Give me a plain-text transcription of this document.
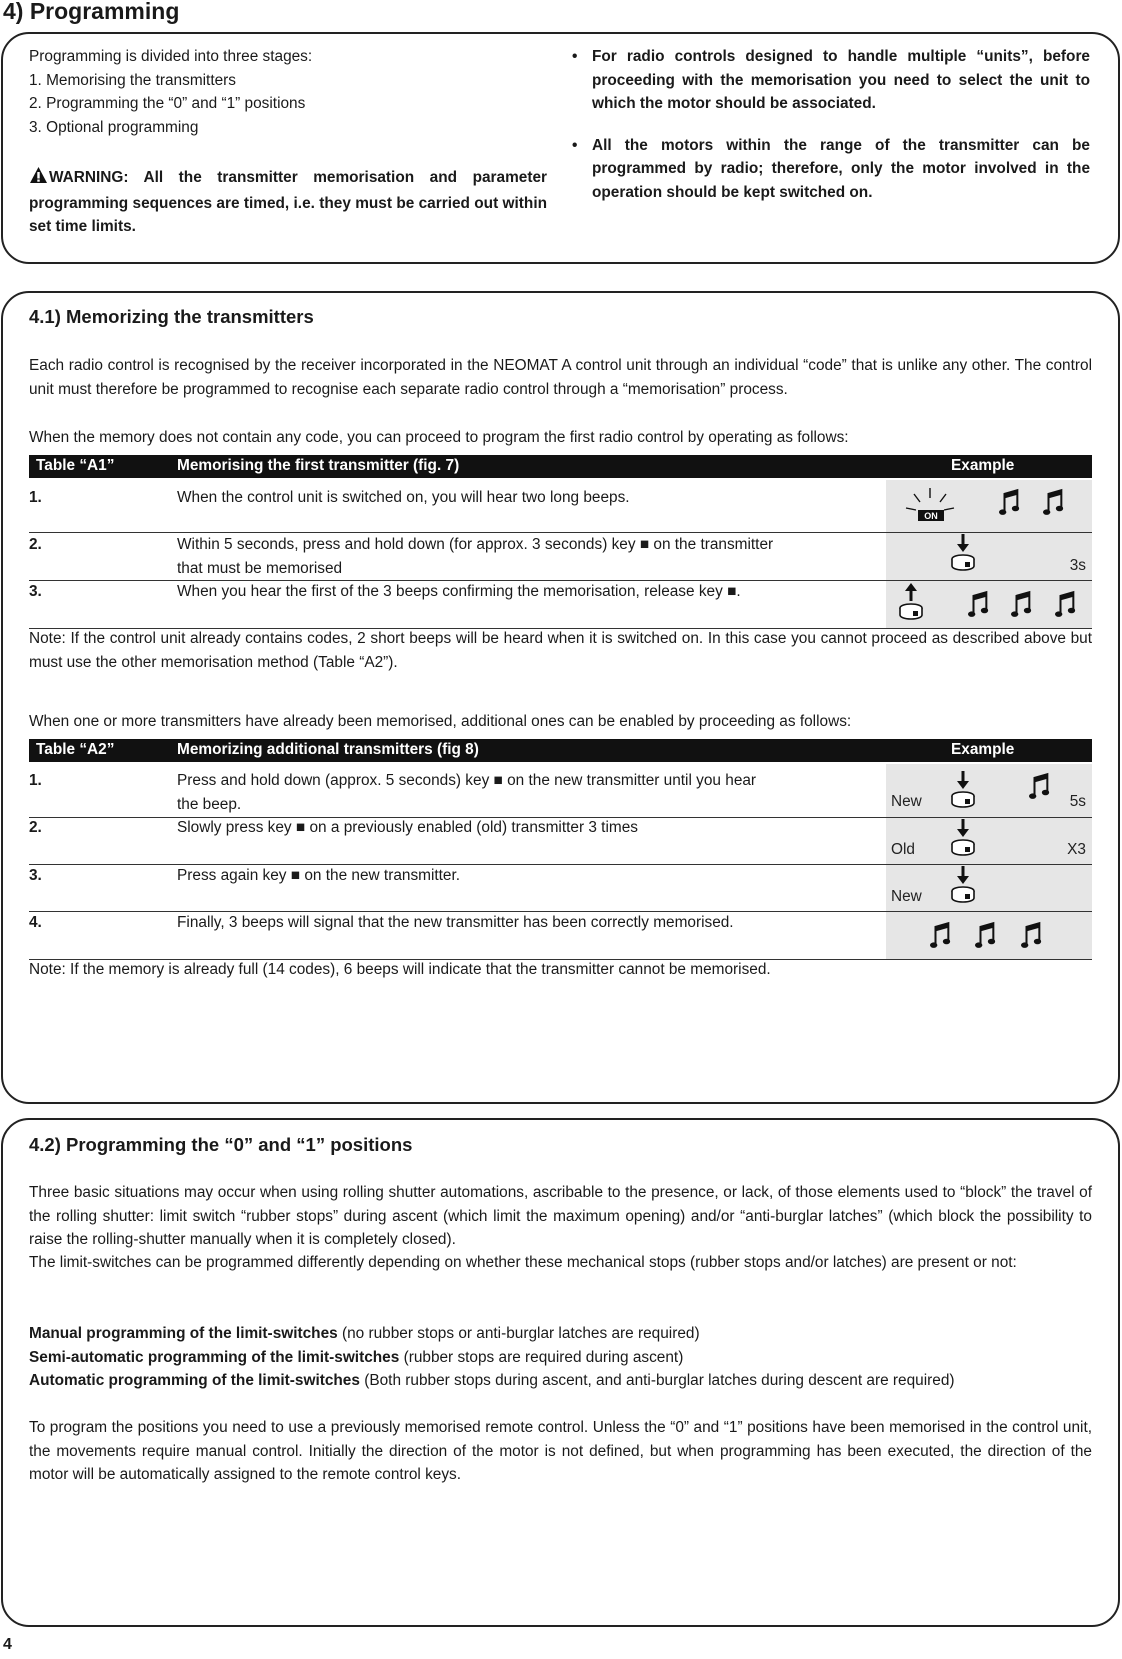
4) Programming
Programming is divided into three stages:
1. Memorising the transmitters
2. Programming the “0” and “1” positions
3. Optional programming
WARNING: All the transmitter memorisation and parameter programming sequences are timed, i.e. they must be carried out within set time limits.
• For radio controls designed to handle multiple “units”, before proceeding with the memorisation you need to select the unit to which the motor should be associated.
• All the motors within the range of the transmitter can be programmed by radio; therefore, only the motor involved in the operation should be kept switched on.
4.1) Memorizing the transmitters
Each radio control is recognised by the receiver incorporated in the NEOMAT A control unit through an individual “code” that is unlike any other. The control unit must therefore be programmed to recognise each separate radio control through a “memorisation” process.
When the memory does not contain any code, you can proceed to program the first radio control by operating as follows:
Table “A1”	Memorising the first transmitter (fig. 7)	Example
1.	When the control unit is switched on, you will hear two long beeps.
ON
2.	Within 5 seconds, press and hold down (for approx. 3 seconds) key ■ on the transmitter
that must be memorised	3s
3.	When you hear the first of the 3 beeps confirming the memorisation, release key ■.
Note: If the control unit already contains codes, 2 short beeps will be heard when it is switched on. In this case you cannot proceed as described above but must use the other memorisation method (Table “A2”).
When one or more transmitters have already been memorised, additional ones can be enabled by proceeding as follows:
Table “A2”	Memorizing additional transmitters (fig 8)	Example
1.	Press and hold down (approx. 5 seconds) key ■ on the new transmitter until you hear
the beep.	New	5s
2.	Slowly press key ■ on a previously enabled (old) transmitter 3 times
Old	X3
3.	Press again key ■ on the new transmitter.
New
4.	Finally, 3 beeps will signal that the new transmitter has been correctly memorised.
Note: If the memory is already full (14 codes), 6 beeps will indicate that the transmitter cannot be memorised.
4.2) Programming the “0” and “1” positions
Three basic situations may occur when using rolling shutter automations, ascribable to the presence, or lack, of those elements used to “block” the travel of the rolling shutter: limit switch “rubber stops” during ascent (which limit the maximum opening) and/or “anti-burglar latches” (which block the possibility to raise the rolling-shutter manually when it is completely closed).
The limit-switches can be programmed differently depending on whether these mechanical stops (rubber stops and/or latches) are present or not:
Manual programming of the limit-switches (no rubber stops or anti-burglar latches are required)
Semi-automatic programming of the limit-switches (rubber stops are required during ascent)
Automatic programming of the limit-switches (Both rubber stops during ascent, and anti-burglar latches during descent are required)
To program the positions you need to use a previously memorised remote control. Unless the “0” and “1” positions have been memorised in the control unit, the movements require manual control. Initially the direction of the motor is not defined, but when programming has been executed, the direction of the motor will be automatically assigned to the remote control keys.
4
